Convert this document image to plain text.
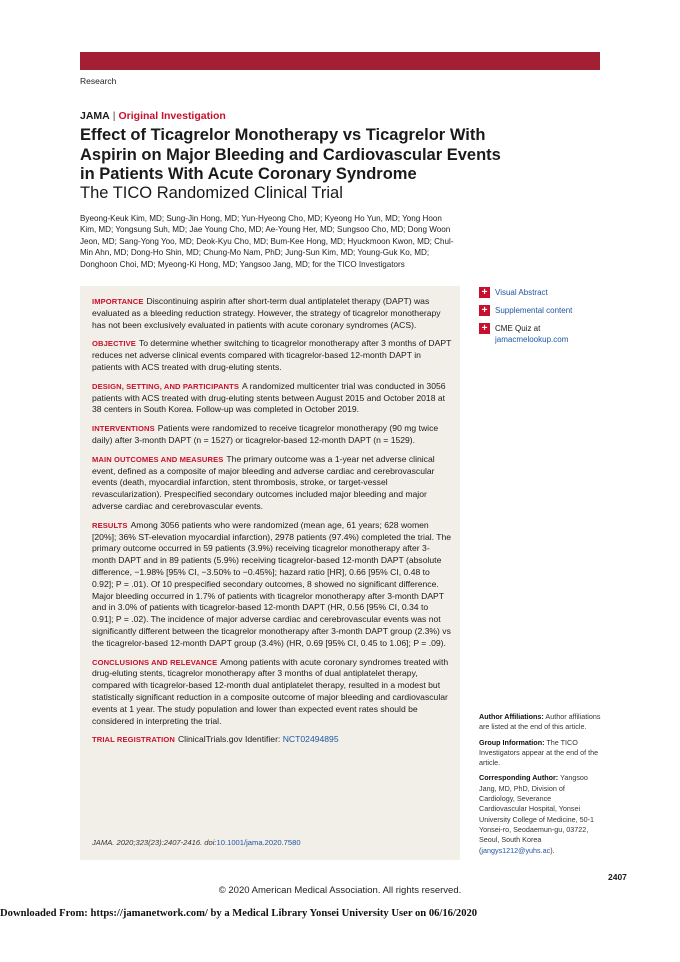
Research
JAMA | Original Investigation
Effect of Ticagrelor Monotherapy vs Ticagrelor With Aspirin on Major Bleeding and Cardiovascular Events in Patients With Acute Coronary Syndrome
The TICO Randomized Clinical Trial
Byeong-Keuk Kim, MD; Sung-Jin Hong, MD; Yun-Hyeong Cho, MD; Kyeong Ho Yun, MD; Yong Hoon Kim, MD; Yongsung Suh, MD; Jae Young Cho, MD; Ae-Young Her, MD; Sungsoo Cho, MD; Dong Woon Jeon, MD; Sang-Yong Yoo, MD; Deok-Kyu Cho, MD; Bum-Kee Hong, MD; Hyuckmoon Kwon, MD; Chul-Min Ahn, MD; Dong-Ho Shin, MD; Chung-Mo Nam, PhD; Jung-Sun Kim, MD; Young-Guk Ko, MD; Donghoon Choi, MD; Myeong-Ki Hong, MD; Yangsoo Jang, MD; for the TICO Investigators

IMPORTANCE Discontinuing aspirin after short-term dual antiplatelet therapy (DAPT) was evaluated as a bleeding reduction strategy. However, the strategy of ticagrelor monotherapy has not been exclusively evaluated in patients with acute coronary syndromes (ACS).

OBJECTIVE To determine whether switching to ticagrelor monotherapy after 3 months of DAPT reduces net adverse clinical events compared with ticagrelor-based 12-month DAPT in patients with ACS treated with drug-eluting stents.

DESIGN, SETTING, AND PARTICIPANTS A randomized multicenter trial was conducted in 3056 patients with ACS treated with drug-eluting stents between August 2015 and October 2018 at 38 centers in South Korea. Follow-up was completed in October 2019.

INTERVENTIONS Patients were randomized to receive ticagrelor monotherapy (90 mg twice daily) after 3-month DAPT (n = 1527) or ticagrelor-based 12-month DAPT (n = 1529).

MAIN OUTCOMES AND MEASURES The primary outcome was a 1-year net adverse clinical event, defined as a composite of major bleeding and adverse cardiac and cerebrovascular events (death, myocardial infarction, stent thrombosis, stroke, or target-vessel revascularization). Prespecified secondary outcomes included major bleeding and major adverse cardiac and cerebrovascular events.

RESULTS Among 3056 patients who were randomized (mean age, 61 years; 628 women [20%]; 36% ST-elevation myocardial infarction), 2978 patients (97.4%) completed the trial. The primary outcome occurred in 59 patients (3.9%) receiving ticagrelor monotherapy after 3-month DAPT and in 89 patients (5.9%) receiving ticagrelor-based 12-month DAPT (absolute difference, −1.98% [95% CI, −3.50% to −0.45%]; hazard ratio [HR], 0.66 [95% CI, 0.48 to 0.92]; P = .01). Of 10 prespecified secondary outcomes, 8 showed no significant difference. Major bleeding occurred in 1.7% of patients with ticagrelor monotherapy after 3-month DAPT and in 3.0% of patients with ticagrelor-based 12-month DAPT (HR, 0.56 [95% CI, 0.34 to 0.91]; P = .02). The incidence of major adverse cardiac and cerebrovascular events was not significantly different between the ticagrelor monotherapy after 3-month DAPT group (2.3%) vs the ticagrelor-based 12-month DAPT group (3.4%) (HR, 0.69 [95% CI, 0.45 to 1.06]; P = .09).

CONCLUSIONS AND RELEVANCE Among patients with acute coronary syndromes treated with drug-eluting stents, ticagrelor monotherapy after 3 months of dual antiplatelet therapy, compared with ticagrelor-based 12-month dual antiplatelet therapy, resulted in a modest but statistically significant reduction in a composite outcome of major bleeding and cardiovascular events at 1 year. The study population and lower than expected event rates should be considered in interpreting the trial.

TRIAL REGISTRATION ClinicalTrials.gov Identifier: NCT02494895

JAMA. 2020;323(23):2407-2416. doi:10.1001/jama.2020.7580
+ Visual Abstract
+ Supplemental content
+ CME Quiz at
jamacmelookup.com

Author Affiliations: Author affiliations are listed at the end of this article.

Group Information: The TICO Investigators appear at the end of the article.

Corresponding Author: Yangsoo Jang, MD, PhD, Division of Cardiology, Severance Cardiovascular Hospital, Yonsei University College of Medicine, 50-1 Yonsei-ro, Seodaemun-gu, 03722, Seoul, South Korea (jangys1212@yuhs.ac).

2407
© 2020 American Medical Association. All rights reserved.
Downloaded From: https://jamanetwork.com/ by a Medical Library Yonsei University User on 06/16/2020
